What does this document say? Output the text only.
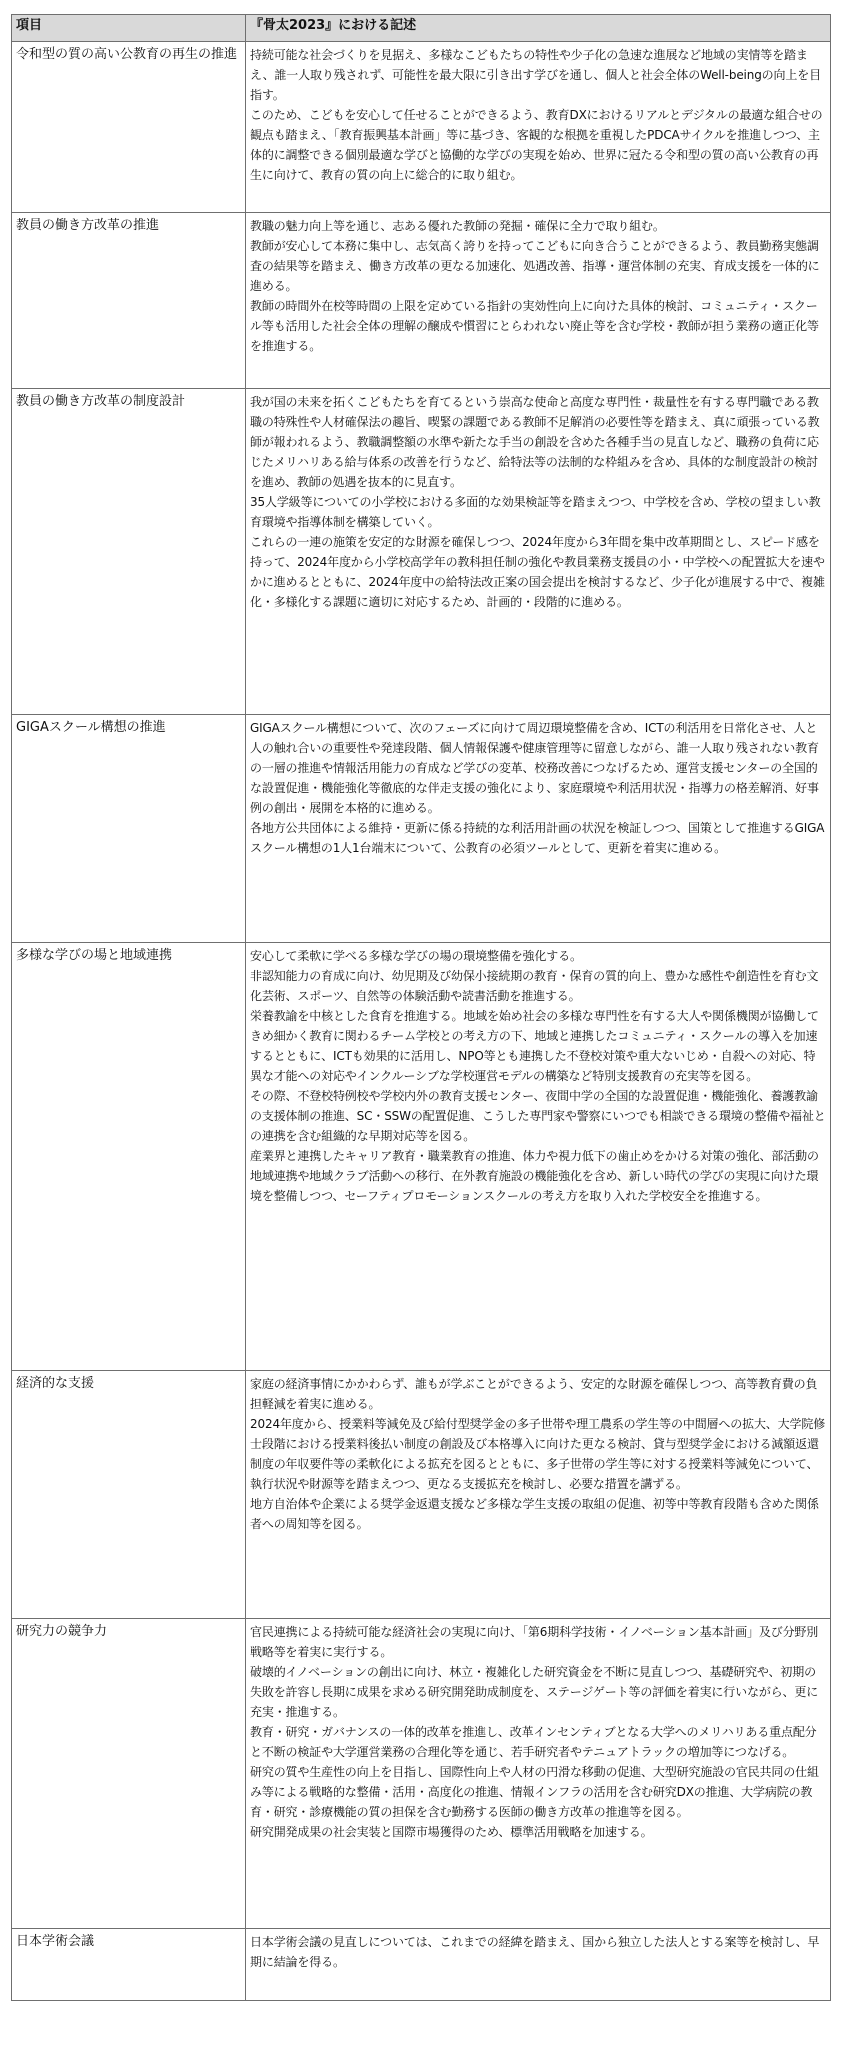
項目	『骨太2023』における記述
令和型の質の高い公教育の再生の推進	持続可能な社会づくりを見据え、多様なこどもたちの特性や少子化の急速な進展など地域の実情等を踏まえ、誰一人取り残されず、可能性を最大限に引き出す学びを通し、個人と社会全体のWell-beingの向上を目指す。
このため、こどもを安心して任せることができるよう、教育DXにおけるリアルとデジタルの最適な組合せの観点も踏まえ、「教育振興基本計画」等に基づき、客観的な根拠を重視したPDCAサイクルを推進しつつ、主体的に調整できる個別最適な学びと協働的な学びの実現を始め、世界に冠たる令和型の質の高い公教育の再生に向けて、教育の質の向上に総合的に取り組む。

教員の働き方改革の推進	教職の魅力向上等を通じ、志ある優れた教師の発掘・確保に全力で取り組む。
教師が安心して本務に集中し、志気高く誇りを持ってこどもに向き合うことができるよう、教員勤務実態調査の結果等を踏まえ、働き方改革の更なる加速化、処遇改善、指導・運営体制の充実、育成支援を一体的に進める。
教師の時間外在校等時間の上限を定めている指針の実効性向上に向けた具体的検討、コミュニティ・スクール等も活用した社会全体の理解の醸成や慣習にとらわれない廃止等を含む学校・教師が担う業務の適正化等を推進する。

教員の働き方改革の制度設計	我が国の未来を拓くこどもたちを育てるという崇高な使命と高度な専門性・裁量性を有する専門職である教職の特殊性や人材確保法の趣旨、喫緊の課題である教師不足解消の必要性等を踏まえ、真に頑張っている教師が報われるよう、教職調整額の水準や新たな手当の創設を含めた各種手当の見直しなど、職務の負荷に応じたメリハリある給与体系の改善を行うなど、給特法等の法制的な枠組みを含め、具体的な制度設計の検討を進め、教師の処遇を抜本的に見直す。
35人学級等についての小学校における多面的な効果検証等を踏まえつつ、中学校を含め、学校の望ましい教育環境や指導体制を構築していく。
これらの一連の施策を安定的な財源を確保しつつ、2024年度から3年間を集中改革期間とし、スピード感を持って、2024年度から小学校高学年の教科担任制の強化や教員業務支援員の小・中学校への配置拡大を速やかに進めるとともに、2024年度中の給特法改正案の国会提出を検討するなど、少子化が進展する中で、複雑化・多様化する課題に適切に対応するため、計画的・段階的に進める。

GIGAスクール構想の推進	GIGAスクール構想について、次のフェーズに向けて周辺環境整備を含め、ICTの利活用を日常化させ、人と人の触れ合いの重要性や発達段階、個人情報保護や健康管理等に留意しながら、誰一人取り残されない教育の一層の推進や情報活用能力の育成など学びの変革、校務改善につなげるため、運営支援センターの全国的な設置促進・機能強化等徹底的な伴走支援の強化により、家庭環境や利活用状況・指導力の格差解消、好事例の創出・展開を本格的に進める。
各地方公共団体による維持・更新に係る持続的な利活用計画の状況を検証しつつ、国策として推進するGIGAスクール構想の1人1台端末について、公教育の必須ツールとして、更新を着実に進める。

多様な学びの場と地域連携	安心して柔軟に学べる多様な学びの場の環境整備を強化する。
非認知能力の育成に向け、幼児期及び幼保小接続期の教育・保育の質的向上、豊かな感性や創造性を育む文化芸術、スポーツ、自然等の体験活動や読書活動を推進する。
栄養教諭を中核とした食育を推進する。地域を始め社会の多様な専門性を有する大人や関係機関が協働してきめ細かく教育に関わるチーム学校との考え方の下、地域と連携したコミュニティ・スクールの導入を加速するとともに、ICTも効果的に活用し、NPO等とも連携した不登校対策や重大ないじめ・自殺への対応、特異な才能への対応やインクルーシブな学校運営モデルの構築など特別支援教育の充実等を図る。
その際、不登校特例校や学校内外の教育支援センター、夜間中学の全国的な設置促進・機能強化、養護教諭の支援体制の推進、SC・SSWの配置促進、こうした専門家や警察にいつでも相談できる環境の整備や福祉との連携を含む組織的な早期対応等を図る。
産業界と連携したキャリア教育・職業教育の推進、体力や視力低下の歯止めをかける対策の強化、部活動の地域連携や地域クラブ活動への移行、在外教育施設の機能強化を含め、新しい時代の学びの実現に向けた環境を整備しつつ、セーフティプロモーションスクールの考え方を取り入れた学校安全を推進する。

経済的な支援	家庭の経済事情にかかわらず、誰もが学ぶことができるよう、安定的な財源を確保しつつ、高等教育費の負担軽減を着実に進める。
2024年度から、授業料等減免及び給付型奨学金の多子世帯や理工農系の学生等の中間層への拡大、大学院修士段階における授業料後払い制度の創設及び本格導入に向けた更なる検討、貸与型奨学金における減額返還制度の年収要件等の柔軟化による拡充を図るとともに、多子世帯の学生等に対する授業料等減免について、執行状況や財源等を踏まえつつ、更なる支援拡充を検討し、必要な措置を講ずる。
地方自治体や企業による奨学金返還支援など多様な学生支援の取組の促進、初等中等教育段階も含めた関係者への周知等を図る。

研究力の競争力	官民連携による持続可能な経済社会の実現に向け、「第6期科学技術・イノベーション基本計画」及び分野別戦略等を着実に実行する。
破壊的イノベーションの創出に向け、林立・複雑化した研究資金を不断に見直しつつ、基礎研究や、初期の失敗を許容し長期に成果を求める研究開発助成制度を、ステージゲート等の評価を着実に行いながら、更に充実・推進する。
教育・研究・ガバナンスの一体的改革を推進し、改革インセンティブとなる大学へのメリハリある重点配分と不断の検証や大学運営業務の合理化等を通じ、若手研究者やテニュアトラックの増加等につなげる。
研究の質や生産性の向上を目指し、国際性向上や人材の円滑な移動の促進、大型研究施設の官民共同の仕組み等による戦略的な整備・活用・高度化の推進、情報インフラの活用を含む研究DXの推進、大学病院の教育・研究・診療機能の質の担保を含む勤務する医師の働き方改革の推進等を図る。
研究開発成果の社会実装と国際市場獲得のため、標準活用戦略を加速する。

日本学術会議	日本学術会議の見直しについては、これまでの経緯を踏まえ、国から独立した法人とする案等を検討し、早期に結論を得る。
